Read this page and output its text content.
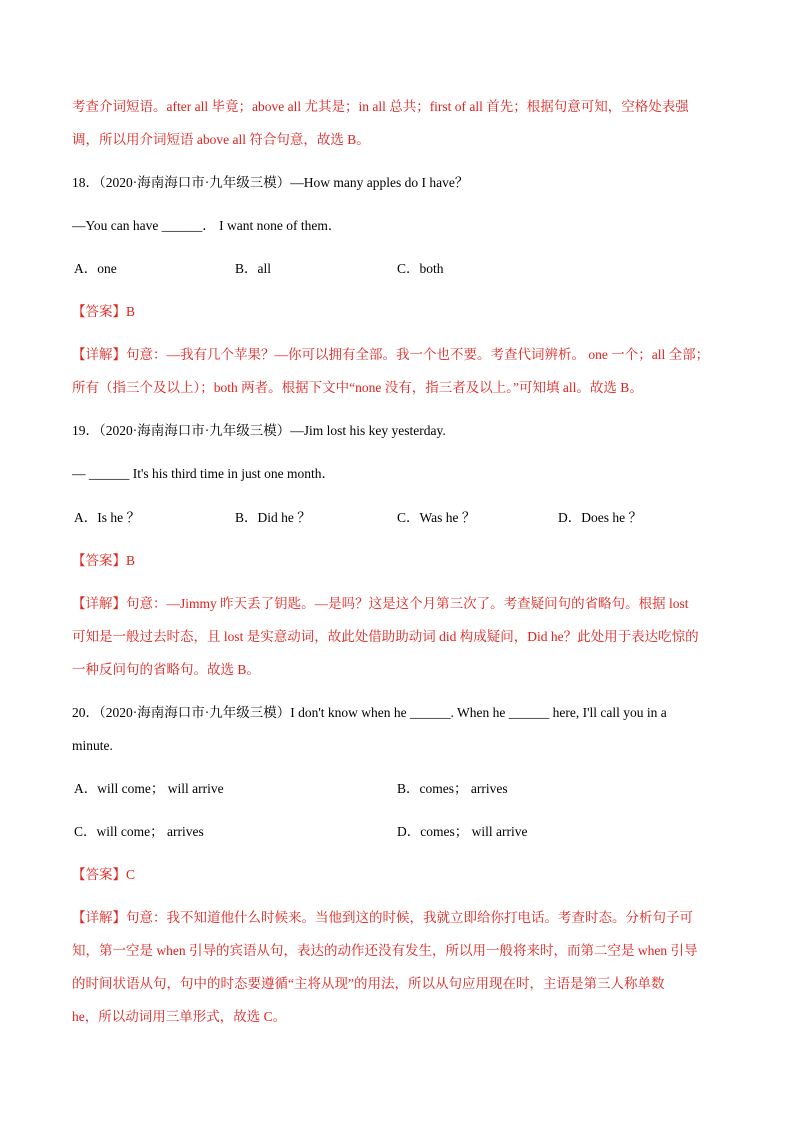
考查介词短语。after all 毕竟；above all 尤其是；in all 总共；first of all 首先；根据句意可知，空格处表强
调，所以用介词短语 above all 符合句意，故选 B。
18．（2020·海南海口市·九年级三模）—How many apples do I have？
—You can have ______． I want none of them．
A．one	B．all	C．both
【答案】B
【详解】句意：—我有几个苹果？—你可以拥有全部。我一个也不要。考查代词辨析。 one 一个；all 全部；
所有（指三个及以上）；both 两者。根据下文中“none 没有，指三者及以上。”可知填 all。故选 B。
19．（2020·海南海口市·九年级三模）—Jim lost his key yesterday.
— ______ It's his third time in just one month．
A．Is he ？	B．Did he ？	C．Was he ？	D．Does he ？
【答案】B
【详解】句意：—Jimmy 昨天丢了钥匙。—是吗？这是这个月第三次了。考查疑问句的省略句。根据 lost
可知是一般过去时态，且 lost 是实意动词，故此处借助助动词 did 构成疑问，Did he？此处用于表达吃惊的
一种反问句的省略句。故选 B。
20．（2020·海南海口市·九年级三模）I don't know when he ______. When he ______ here, I'll call you in a
minute.
A．will come； will arrive	B．comes； arrives
C．will come； arrives	D．comes； will arrive
【答案】C
【详解】句意：我不知道他什么时候来。当他到这的时候，我就立即给你打电话。考查时态。分析句子可
知，第一空是 when 引导的宾语从句，表达的动作还没有发生，所以用一般将来时，而第二空是 when 引导
的时间状语从句，句中的时态要遵循“主将从现”的用法，所以从句应用现在时，主语是第三人称单数
he，所以动词用三单形式，故选 C。
